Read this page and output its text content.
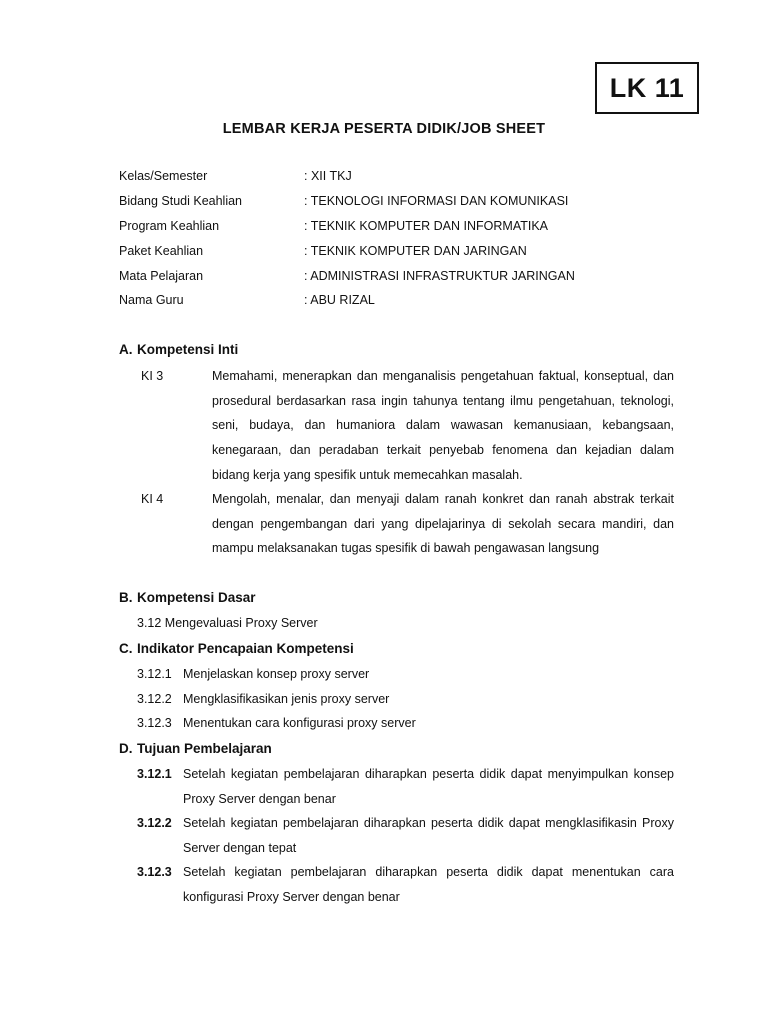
LK 11
LEMBAR KERJA PESERTA DIDIK/JOB SHEET
Kelas/Semester	: XII TKJ
Bidang Studi Keahlian	: TEKNOLOGI INFORMASI DAN KOMUNIKASI
Program Keahlian	: TEKNIK KOMPUTER DAN INFORMATIKA
Paket Keahlian	: TEKNIK KOMPUTER DAN JARINGAN
Mata Pelajaran	: ADMINISTRASI INFRASTRUKTUR JARINGAN
Nama Guru	: ABU RIZAL
A. Kompetensi Inti
KI 3	Memahami, menerapkan dan menganalisis pengetahuan faktual, konseptual, dan prosedural berdasarkan rasa ingin tahunya tentang ilmu pengetahuan, teknologi, seni, budaya, dan humaniora dalam wawasan kemanusiaan, kebangsaan, kenegaraan, dan peradaban terkait penyebab fenomena dan kejadian dalam bidang kerja yang spesifik untuk memecahkan masalah.
KI 4	Mengolah, menalar, dan menyaji dalam ranah konkret dan ranah abstrak terkait dengan pengembangan dari yang dipelajarinya di sekolah secara mandiri, dan mampu melaksanakan tugas spesifik di bawah pengawasan langsung
B. Kompetensi Dasar
3.12 Mengevaluasi Proxy Server
C. Indikator Pencapaian Kompetensi
3.12.1 Menjelaskan konsep proxy server
3.12.2 Mengklasifikasikan jenis proxy server
3.12.3 Menentukan cara konfigurasi proxy server
D. Tujuan Pembelajaran
3.12.1 Setelah kegiatan pembelajaran diharapkan peserta didik dapat menyimpulkan konsep Proxy Server dengan benar
3.12.2 Setelah kegiatan pembelajaran diharapkan peserta didik dapat mengklasifikasin Proxy Server dengan tepat
3.12.3 Setelah kegiatan pembelajaran diharapkan peserta didik dapat menentukan cara konfigurasi Proxy Server dengan benar
